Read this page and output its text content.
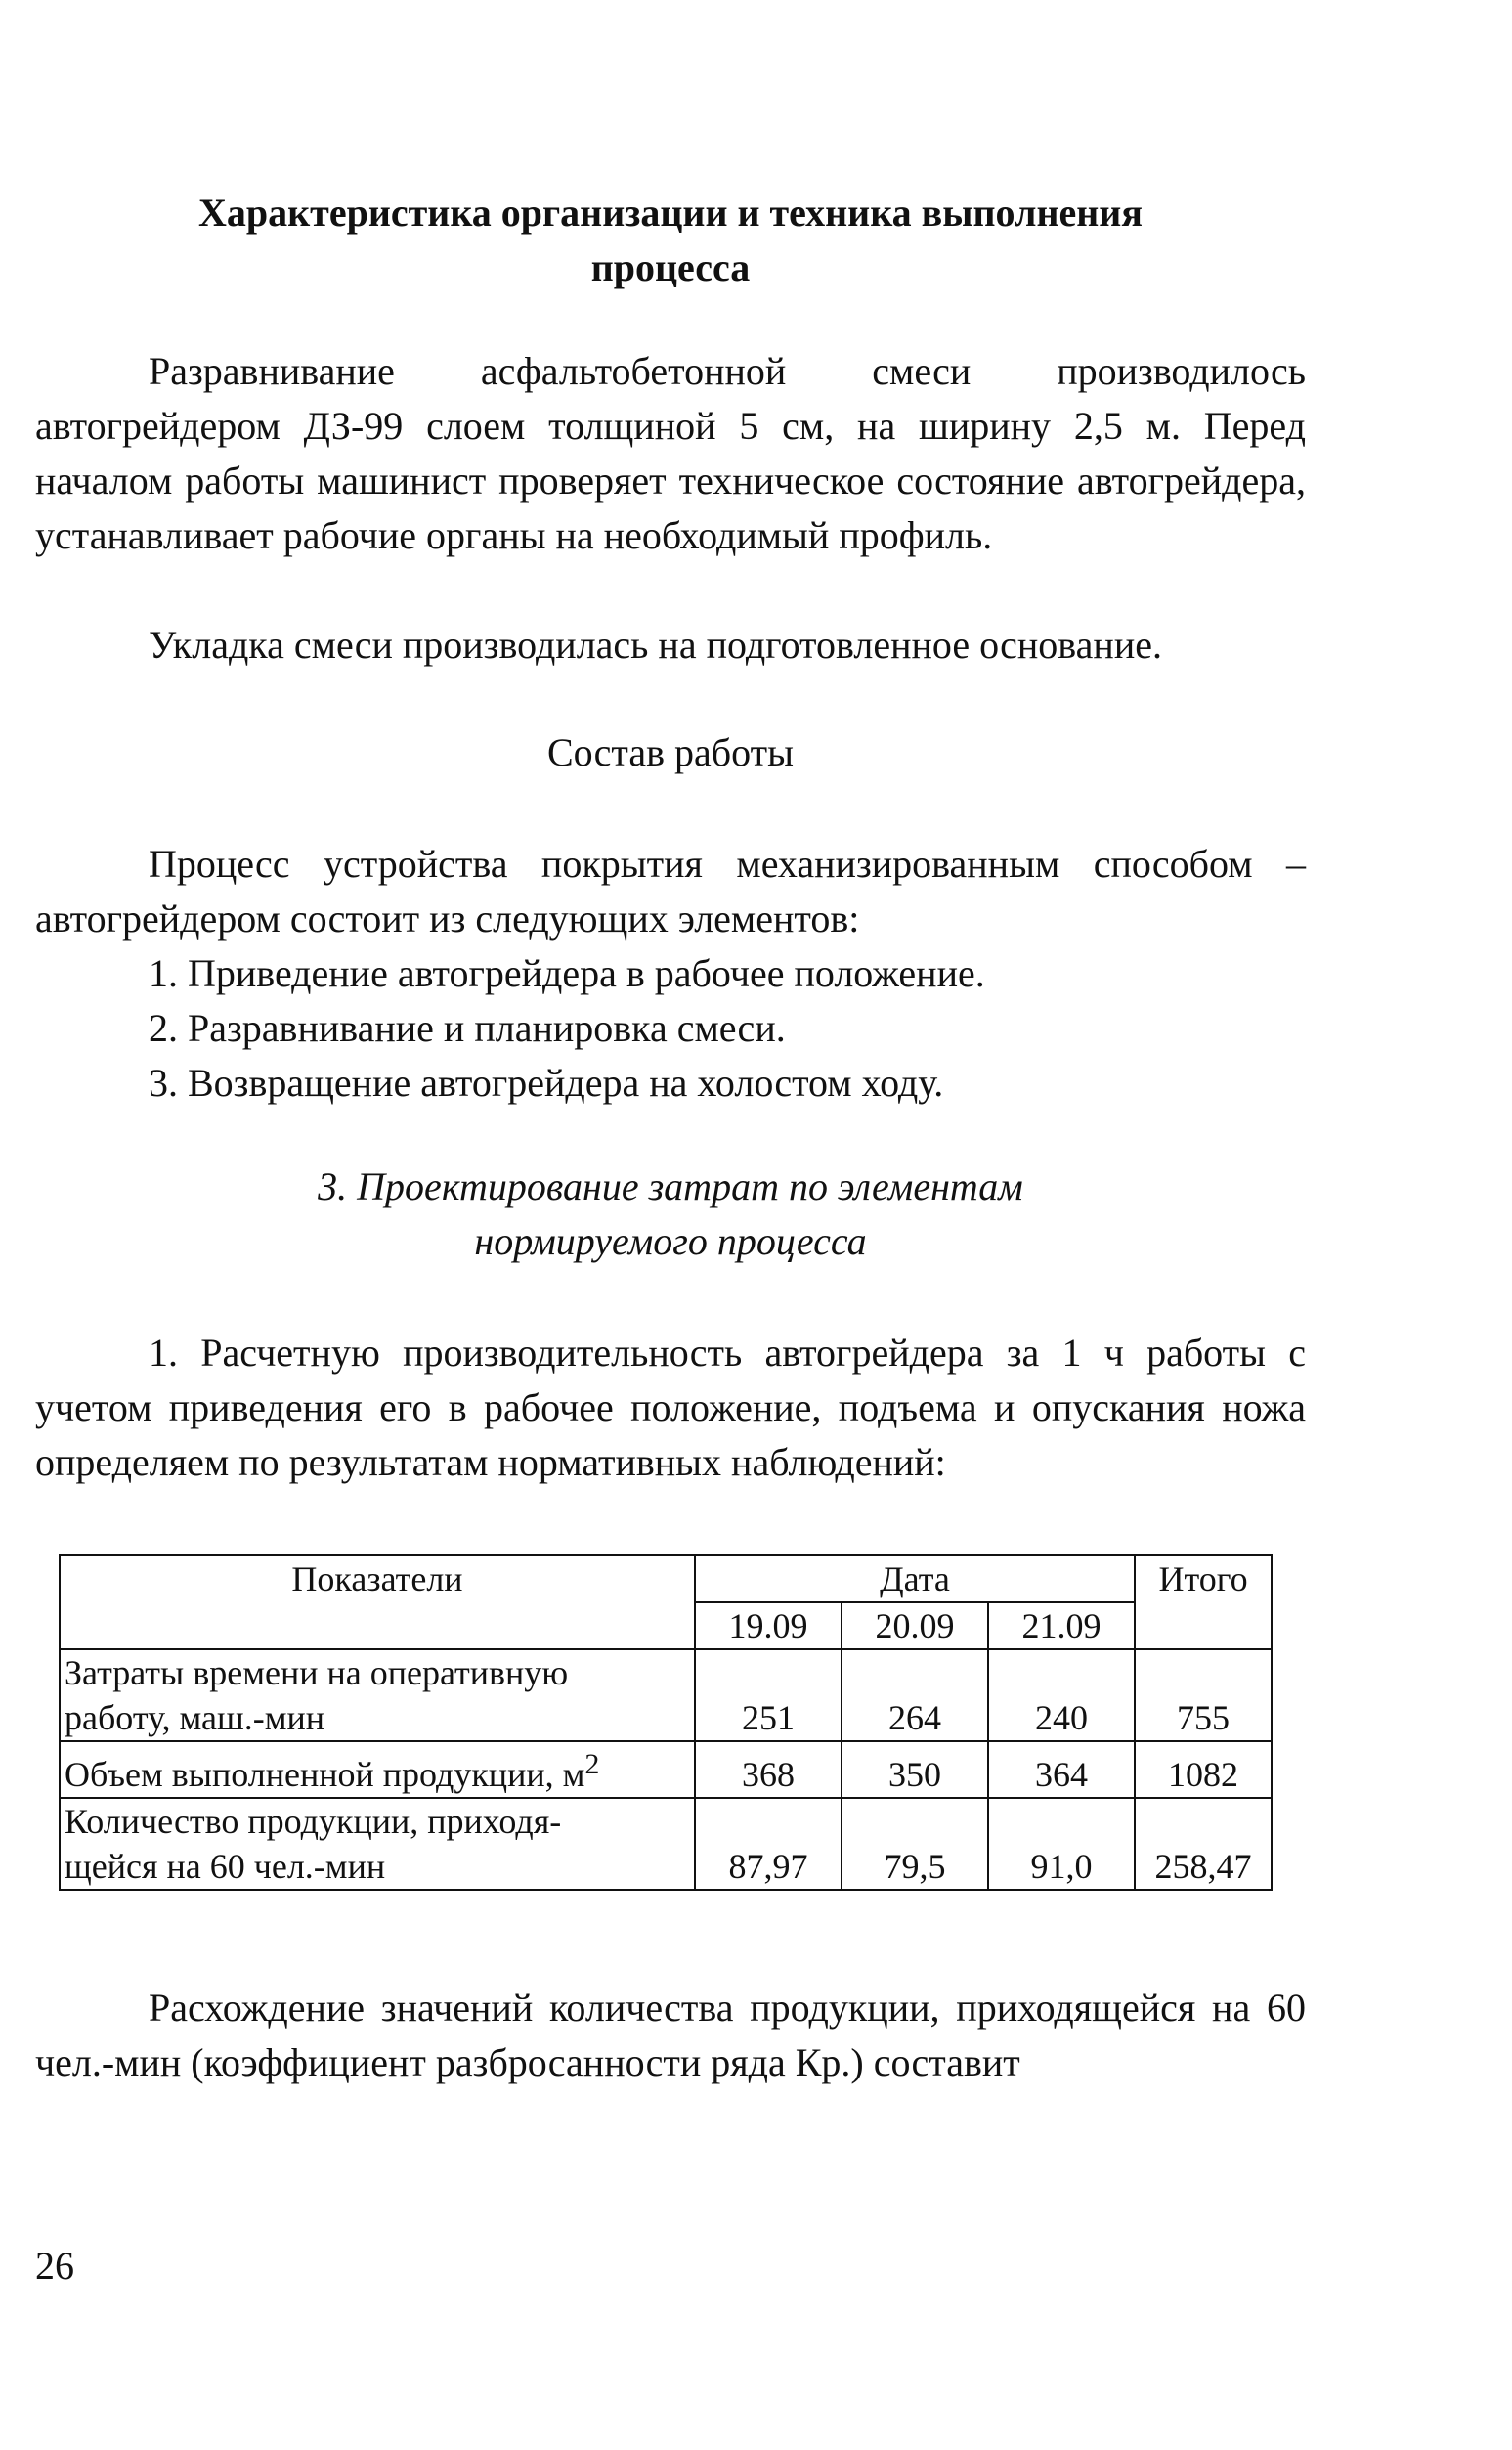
Характеристика организации и техника выполнения
процесса
Разравнивание асфальтобетонной смеси производилось автогрейдером ДЗ-99 слоем толщиной 5 см, на ширину 2,5 м. Перед началом работы машинист проверяет техническое состояние автогрейдера, устанавливает рабочие органы на необходимый профиль.
Укладка смеси производилась на подготовленное основание.
Состав работы
Процесс устройства покрытия механизированным способом – автогрейдером состоит из следующих элементов:
1. Приведение автогрейдера в рабочее положение.
2. Разравнивание и планировка смеси.
3. Возвращение автогрейдера на холостом ходу.
3. Проектирование затрат по элементам
нормируемого процесса
1. Расчетную производительность автогрейдера за 1 ч работы с учетом приведения его в рабочее положение, подъема и опускания ножа определяем по результатам нормативных наблюдений:
Показатели	Дата			Итого
	19.09	20.09	21.09	

Затраты времени на оперативную
работу, маш.-мин	251	264	240	755
Объем выполненной продукции, $м^2$	368	350	364	1082

Количество продукции, приходя-
щейся на 60 чел.-мин	87,97	79,5	91,0	258,47
Расхождение значений количества продукции, приходящейся на 60 чел.-мин (коэффициент разбросанности ряда Кр.) составит
26
